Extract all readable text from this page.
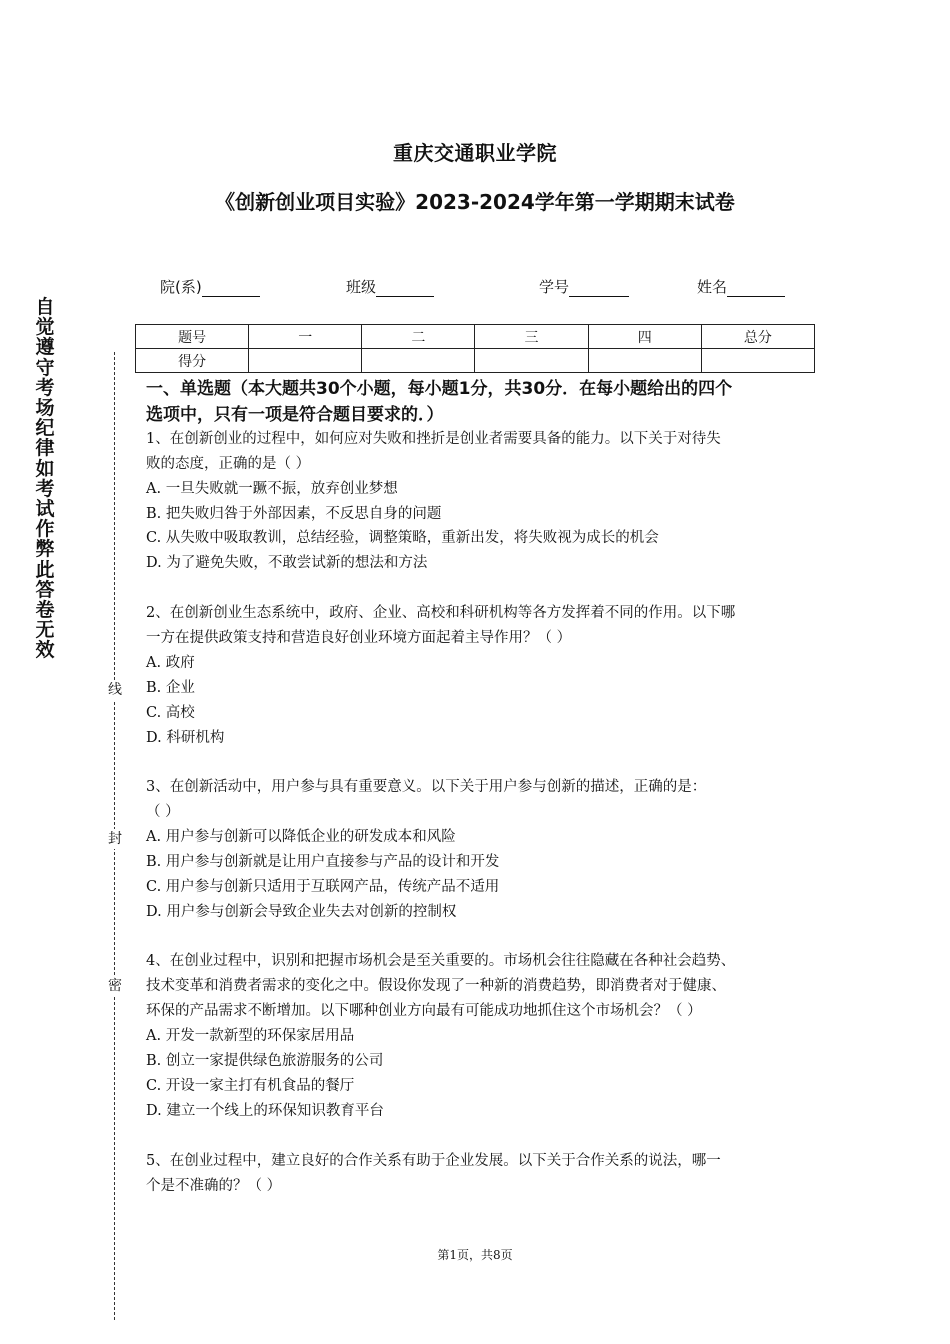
重庆交通职业学院
《创新创业项目实验》2023-2024学年第一学期期末试卷
院(系)	班级	学号	姓名
题号	一	二	三	四	总分
得分					
自觉遵守考场纪律如考试作弊此答卷无效
线
封
密
一、单选题（本大题共30个小题，每小题1分，共30分．在每小题给出的四个
选项中，只有一项是符合题目要求的．）
1、在创新创业的过程中，如何应对失败和挫折是创业者需要具备的能力。以下关于对待失
败的态度，正确的是（ ）
A. 一旦失败就一蹶不振，放弃创业梦想
B. 把失败归咎于外部因素，不反思自身的问题
C. 从失败中吸取教训，总结经验，调整策略，重新出发，将失败视为成长的机会
D. 为了避免失败，不敢尝试新的想法和方法
2、在创新创业生态系统中，政府、企业、高校和科研机构等各方发挥着不同的作用。以下哪
一方在提供政策支持和营造良好创业环境方面起着主导作用？（ ）
A. 政府
B. 企业
C. 高校
D. 科研机构
3、在创新活动中，用户参与具有重要意义。以下关于用户参与创新的描述，正确的是：
（ ）
A. 用户参与创新可以降低企业的研发成本和风险
B. 用户参与创新就是让用户直接参与产品的设计和开发
C. 用户参与创新只适用于互联网产品，传统产品不适用
D. 用户参与创新会导致企业失去对创新的控制权
4、在创业过程中，识别和把握市场机会是至关重要的。市场机会往往隐藏在各种社会趋势、
技术变革和消费者需求的变化之中。假设你发现了一种新的消费趋势，即消费者对于健康、
环保的产品需求不断增加。以下哪种创业方向最有可能成功地抓住这个市场机会？（ ）
A. 开发一款新型的环保家居用品
B. 创立一家提供绿色旅游服务的公司
C. 开设一家主打有机食品的餐厅
D. 建立一个线上的环保知识教育平台
5、在创业过程中，建立良好的合作关系有助于企业发展。以下关于合作关系的说法，哪一
个是不准确的？（ ）
第1页，共8页
